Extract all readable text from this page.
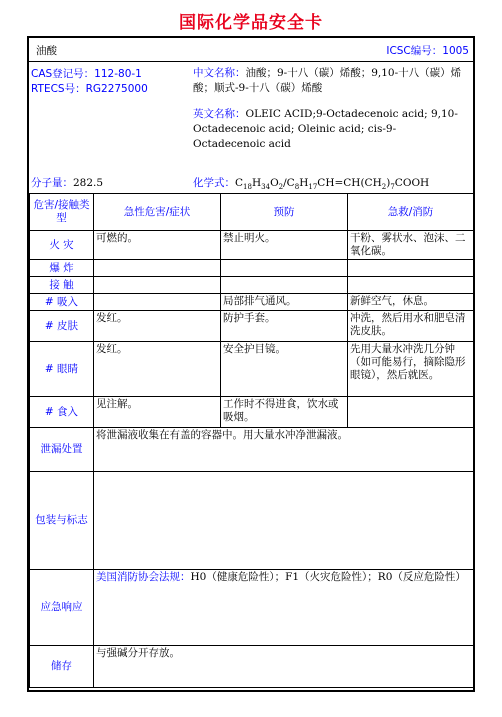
国际化学品安全卡
油酸	ICSC编号：1005
CAS登记号：112-80-1
RTECS号：RG2275000
中文名称：油酸；9-十八（碳）烯酸；9,10-十八（碳）烯酸；顺式-9-十八（碳）烯酸
英文名称：OLEIC ACID;9-Octadecenoic acid; 9,10-Octadecenoic acid; Oleinic acid; cis-9-Octadecenoic acid
分子量：282.5	化学式：$C_{18}H_{34}O_2/C_8H_{17}CH=CH(CH_2)_7COOH$
危害/接触类型	急性危害/症状	预防	急救/消防
火 灾	可燃的。	禁止明火。	干粉、雾状水、泡沫、二氧化碳。
爆 炸			
接 触			
# 吸入		局部排气通风。	新鲜空气，休息。
# 皮肤	发红。	防护手套。	冲洗，然后用水和肥皂清洗皮肤。
# 眼睛	发红。	安全护目镜。	先用大量水冲洗几分钟（如可能易行，摘除隐形眼镜），然后就医。
# 食入	见注解。	工作时不得进食，饮水或吸烟。	
泄漏处置	将泄漏液收集在有盖的容器中。用大量水冲净泄漏液。		
包装与标志			
应急响应	美国消防协会法规：H0（健康危险性）；F1（火灾危险性）；R0（反应危险性）		
储存	与强碱分开存放。		
